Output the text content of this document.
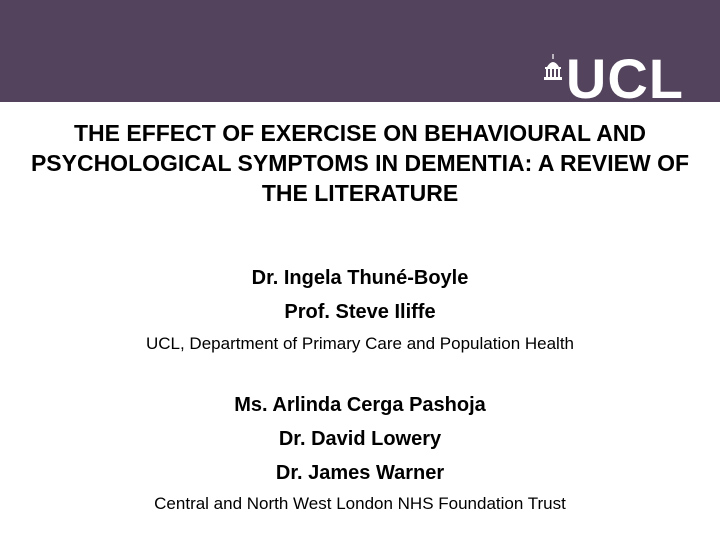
UCL
THE EFFECT OF EXERCISE ON BEHAVIOURAL AND PSYCHOLOGICAL SYMPTOMS IN DEMENTIA: A REVIEW OF THE LITERATURE
Dr. Ingela Thuné-Boyle
Prof. Steve Iliffe
UCL, Department of Primary Care and Population Health
Ms. Arlinda Cerga Pashoja
Dr. David Lowery
Dr. James Warner
Central and North West London NHS Foundation Trust
